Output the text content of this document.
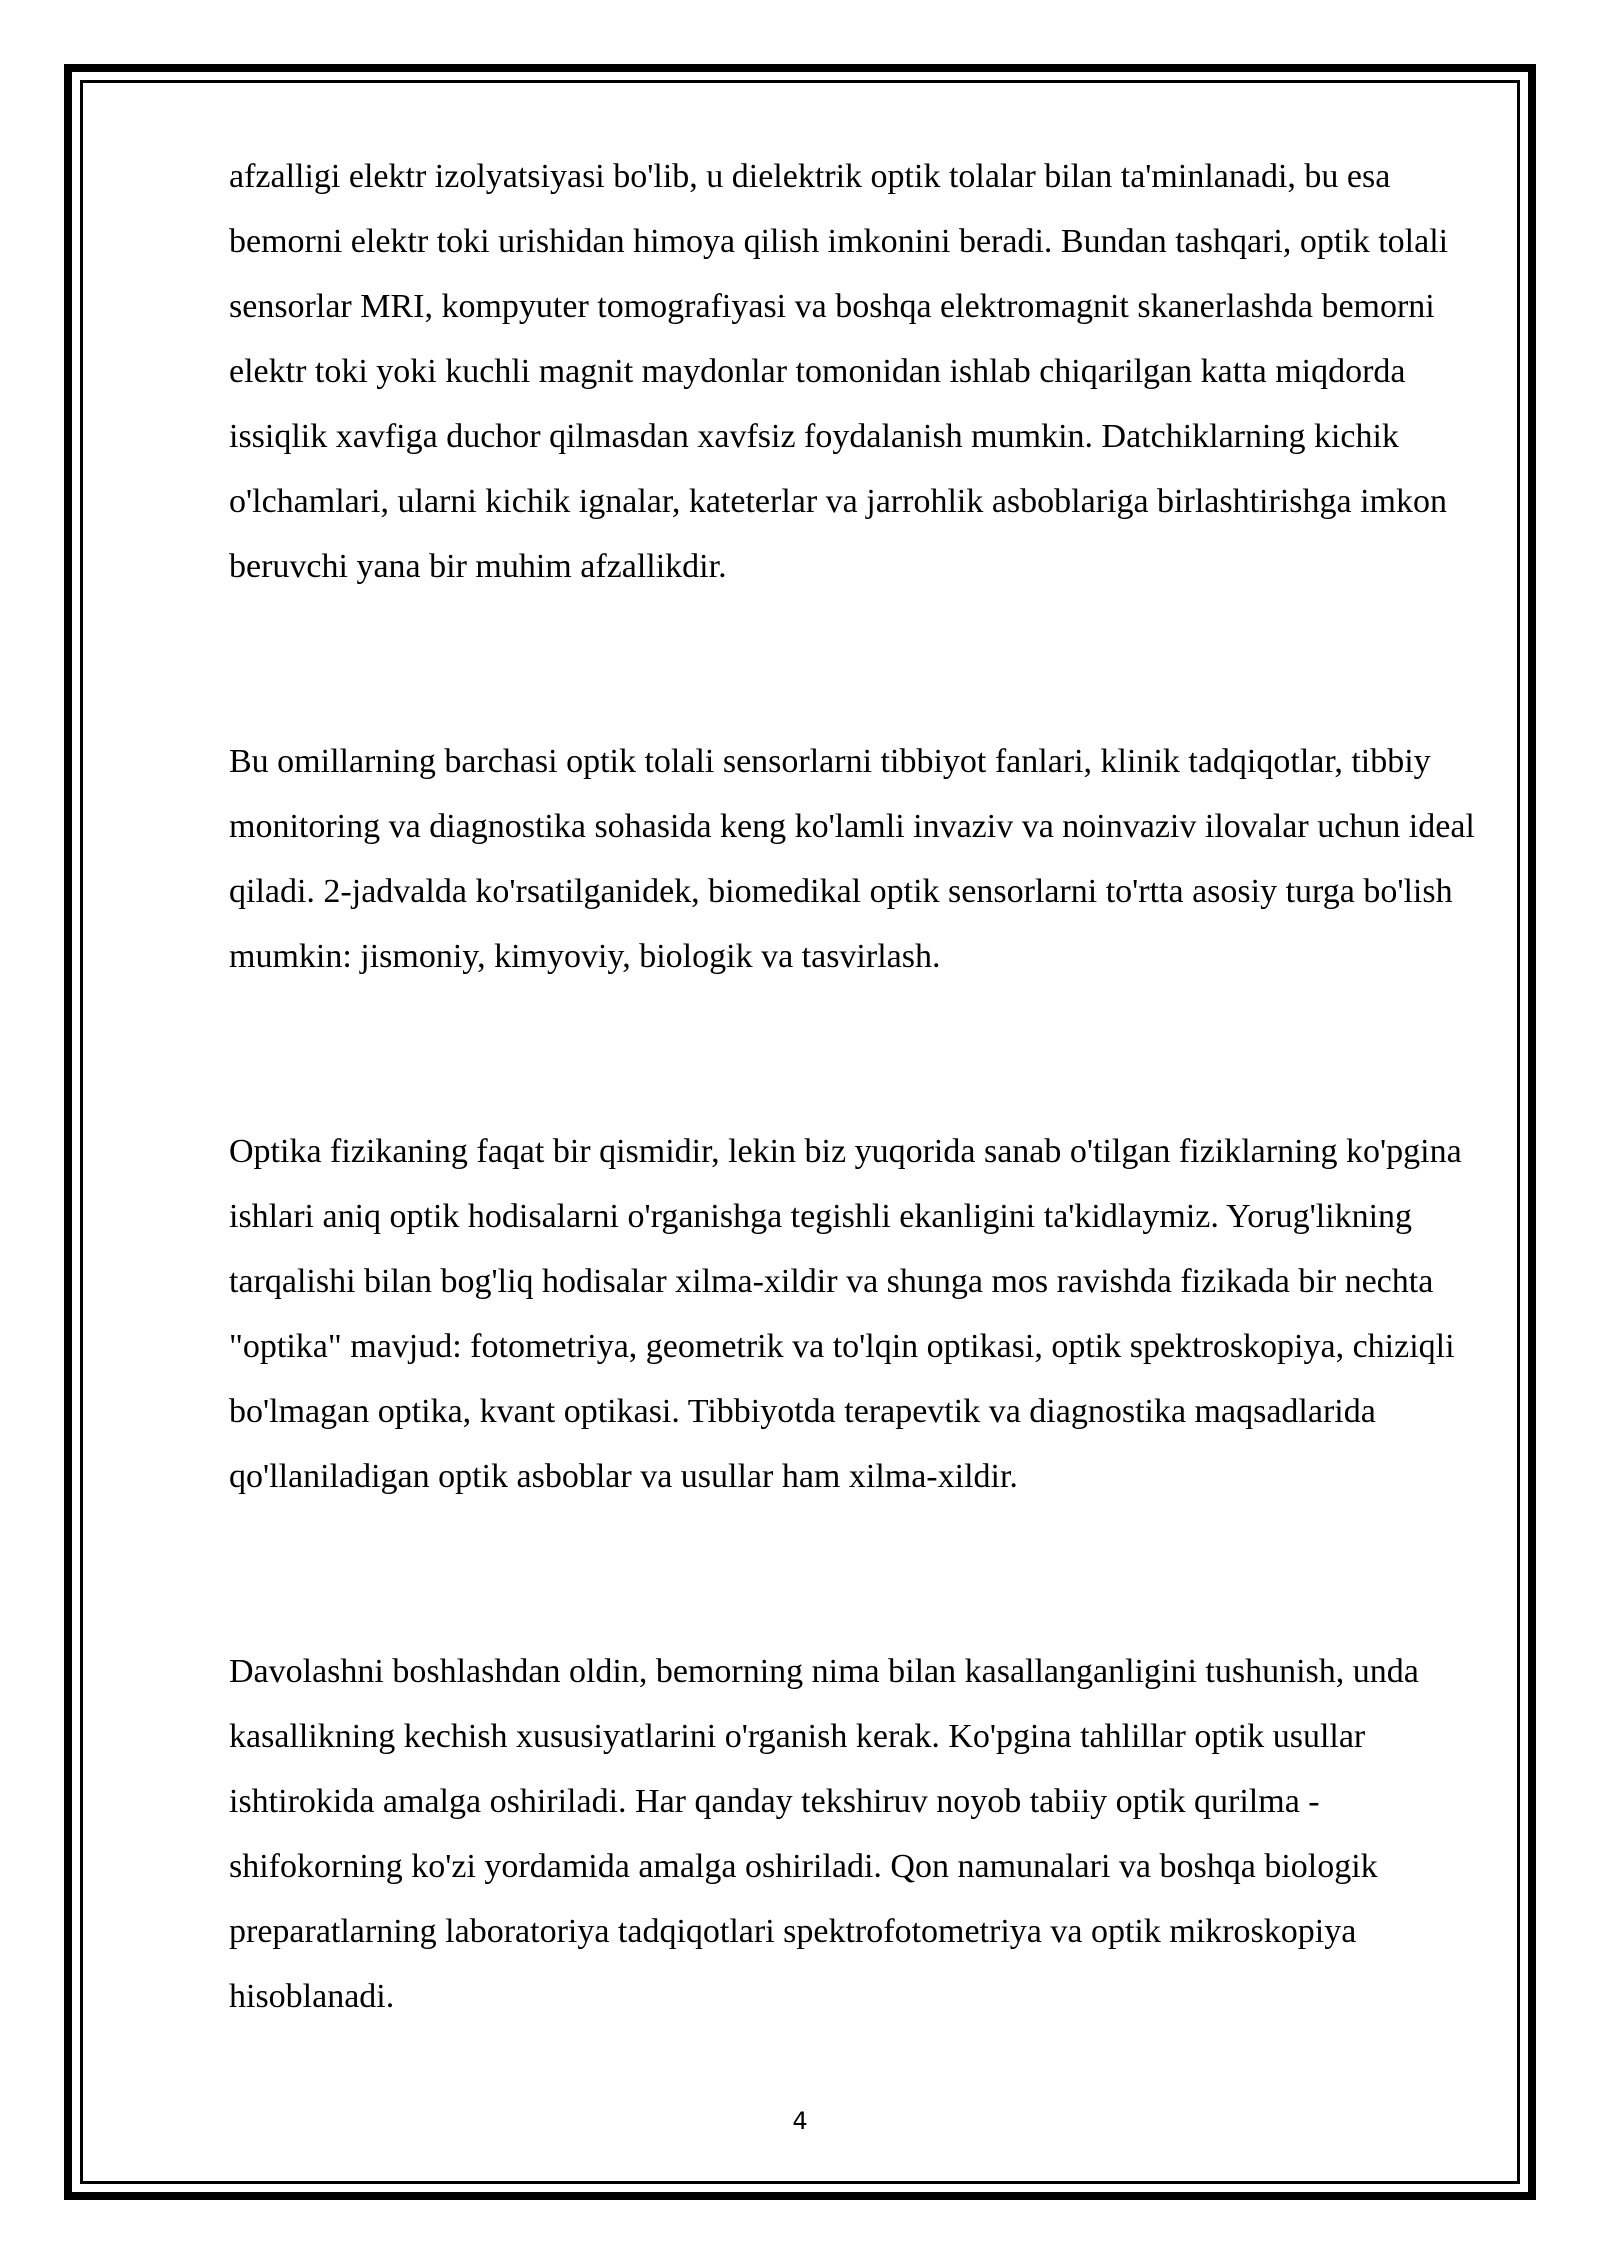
afzalligi elektr izolyatsiyasi bo'lib, u dielektrik optik tolalar bilan ta'minlanadi, bu esa bemorni elektr toki urishidan himoya qilish imkonini beradi. Bundan tashqari, optik tolali sensorlar MRI, kompyuter tomografiyasi va boshqa elektromagnit skanerlashda bemorni elektr toki yoki kuchli magnit maydonlar tomonidan ishlab chiqarilgan katta miqdorda issiqlik xavfiga duchor qilmasdan xavfsiz foydalanish mumkin. Datchiklarning kichik o'lchamlari, ularni kichik ignalar, kateterlar va jarrohlik asboblariga birlashtirishga imkon beruvchi yana bir muhim afzallikdir.

Bu omillarning barchasi optik tolali sensorlarni tibbiyot fanlari, klinik tadqiqotlar, tibbiy monitoring va diagnostika sohasida keng ko'lamli invaziv va noinvaziv ilovalar uchun ideal qiladi. 2-jadvalda ko'rsatilganidek, biomedikal optik sensorlarni to'rtta asosiy turga bo'lish mumkin: jismoniy, kimyoviy, biologik va tasvirlash.

Optika fizikaning faqat bir qismidir, lekin biz yuqorida sanab o'tilgan fiziklarning ko'pgina ishlari aniq optik hodisalarni o'rganishga tegishli ekanligini ta'kidlaymiz. Yorug'likning tarqalishi bilan bog'liq hodisalar xilma-xildir va shunga mos ravishda fizikada bir nechta "optika" mavjud: fotometriya, geometrik va to'lqin optikasi, optik spektroskopiya, chiziqli bo'lmagan optika, kvant optikasi. Tibbiyotda terapevtik va diagnostika maqsadlarida qo'llaniladigan optik asboblar va usullar ham xilma-xildir.

Davolashni boshlashdan oldin, bemorning nima bilan kasallanganligini tushunish, unda kasallikning kechish xususiyatlarini o'rganish kerak. Ko'pgina tahlillar optik usullar ishtirokida amalga oshiriladi. Har qanday tekshiruv noyob tabiiy optik qurilma - shifokorning ko'zi yordamida amalga oshiriladi. Qon namunalari va boshqa biologik preparatlarning laboratoriya tadqiqotlari spektrofotometriya va optik mikroskopiya hisoblanadi.

4
